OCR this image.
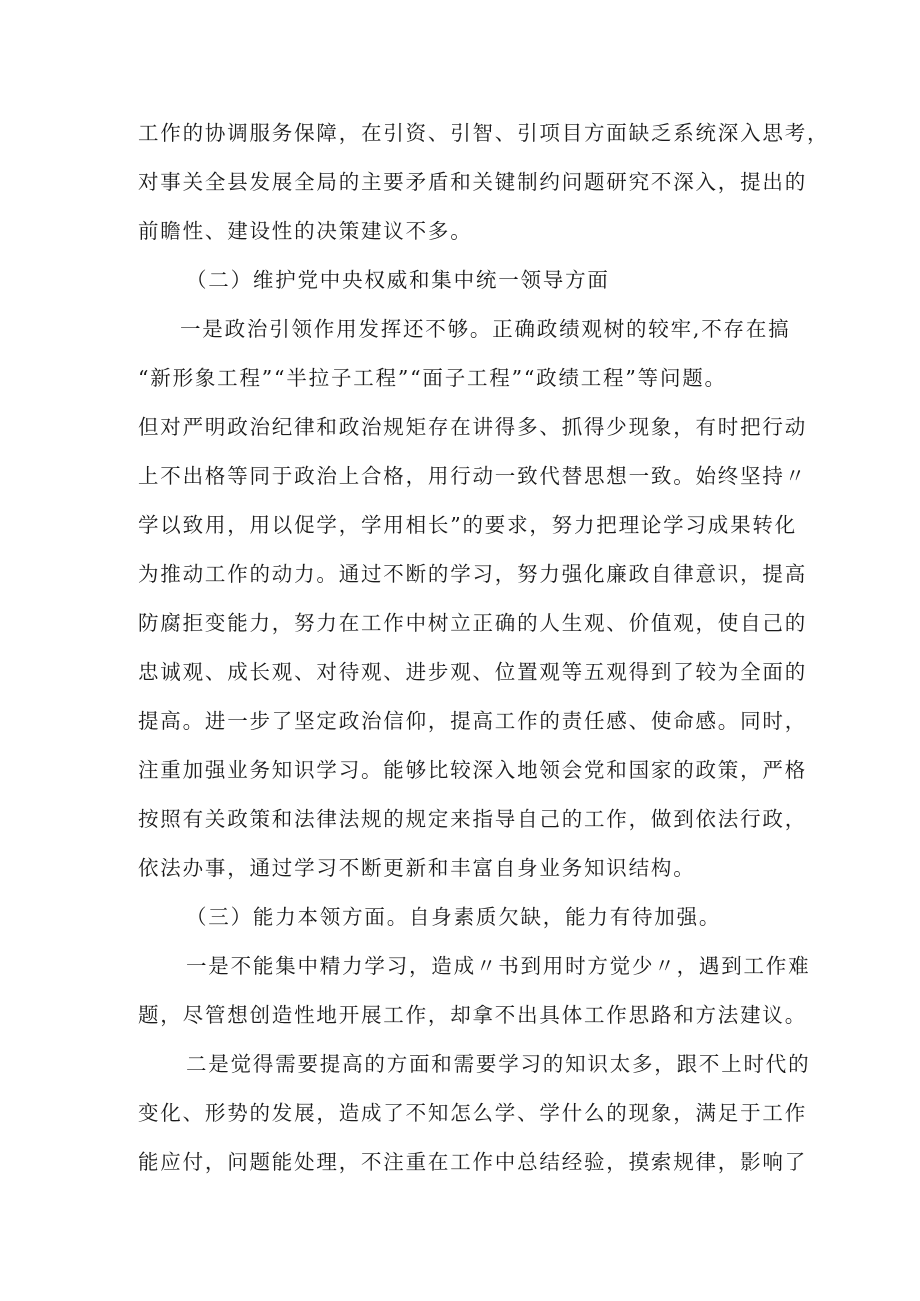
工作的协调服务保障，在引资、引智、引项目方面缺乏系统深入思考，

对事关全县发展全局的主要矛盾和关键制约问题研究不深入，提出的

前瞻性、建设性的决策建议不多。

（二）维护党中央权威和集中统一领导方面

一是政治引领作用发挥还不够。正确政绩观树的较牢,不存在搞

“新形象工程”“半拉子工程”“面子工程”“政绩工程”等问题。

但对严明政治纪律和政治规矩存在讲得多、抓得少现象，有时把行动

上不出格等同于政治上合格，用行动一致代替思想一致。始终坚持〃

学以致用，用以促学，学用相长”的要求，努力把理论学习成果转化

为推动工作的动力。通过不断的学习，努力强化廉政自律意识，提高

防腐拒变能力，努力在工作中树立正确的人生观、价值观，使自己的

忠诚观、成长观、对待观、进步观、位置观等五观得到了较为全面的

提高。进一步了坚定政治信仰，提高工作的责任感、使命感。同时，

注重加强业务知识学习。能够比较深入地领会党和国家的政策，严格

按照有关政策和法律法规的规定来指导自己的工作，做到依法行政，

依法办事，通过学习不断更新和丰富自身业务知识结构。

（三）能力本领方面。自身素质欠缺，能力有待加强。

一是不能集中精力学习，造成〃书到用时方觉少〃，遇到工作难

题，尽管想创造性地开展工作，却拿不出具体工作思路和方法建议。

二是觉得需要提高的方面和需要学习的知识太多，跟不上时代的

变化、形势的发展，造成了不知怎么学、学什么的现象，满足于工作

能应付，问题能处理，不注重在工作中总结经验，摸索规律，影响了
